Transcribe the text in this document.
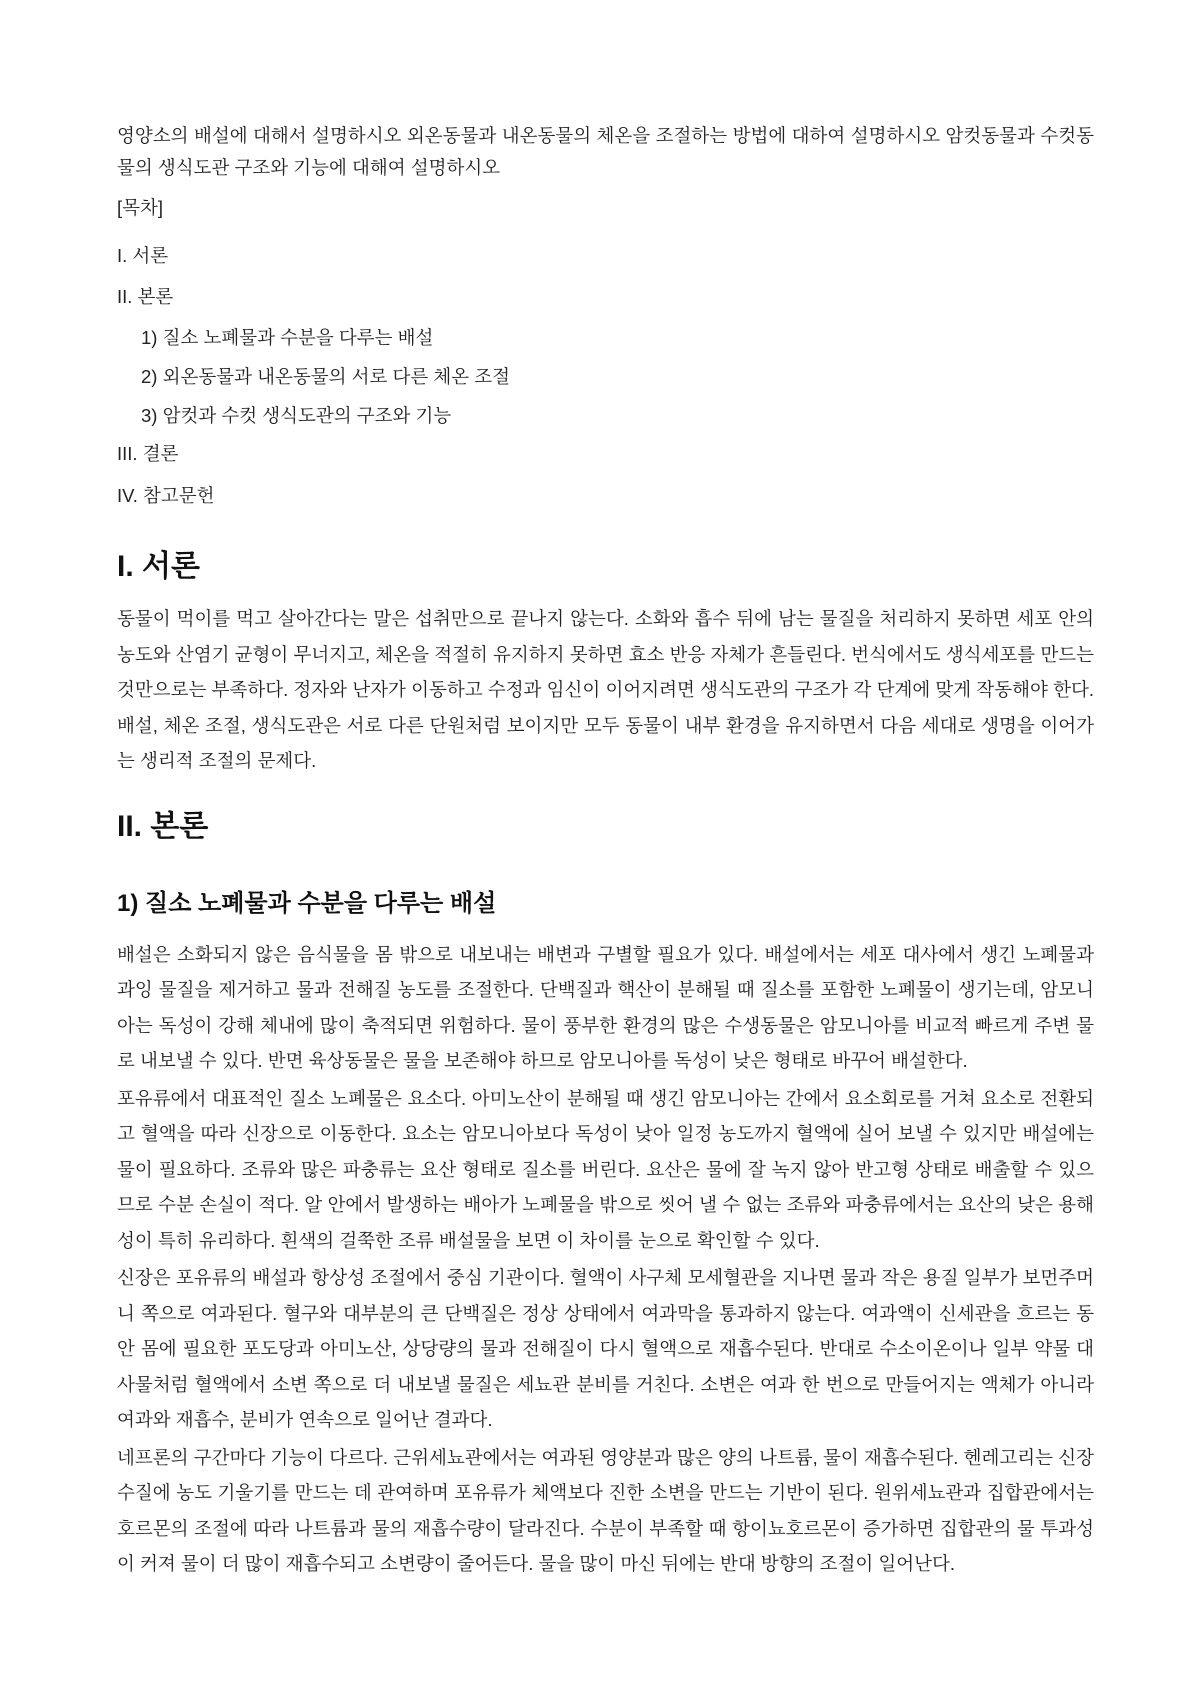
영양소의 배설에 대해서 설명하시오 외온동물과 내온동물의 체온을 조절하는 방법에 대하여 설명하시오 암컷동물과 수컷동물의 생식도관 구조와 기능에 대해여 설명하시오

[목차]
I. 서론
II. 본론
1) 질소 노폐물과 수분을 다루는 배설
2) 외온동물과 내온동물의 서로 다른 체온 조절
3) 암컷과 수컷 생식도관의 구조와 기능
III. 결론
IV. 참고문헌
I. 서론

동물이 먹이를 먹고 살아간다는 말은 섭취만으로 끝나지 않는다. 소화와 흡수 뒤에 남는 물질을 처리하지 못하면 세포 안의 농도와 산염기 균형이 무너지고, 체온을 적절히 유지하지 못하면 효소 반응 자체가 흔들린다. 번식에서도 생식세포를 만드는 것만으로는 부족하다. 정자와 난자가 이동하고 수정과 임신이 이어지려면 생식도관의 구조가 각 단계에 맞게 작동해야 한다. 배설, 체온 조절, 생식도관은 서로 다른 단원처럼 보이지만 모두 동물이 내부 환경을 유지하면서 다음 세대로 생명을 이어가는 생리적 조절의 문제다.

II. 본론
1) 질소 노폐물과 수분을 다루는 배설

배설은 소화되지 않은 음식물을 몸 밖으로 내보내는 배변과 구별할 필요가 있다. 배설에서는 세포 대사에서 생긴 노폐물과 과잉 물질을 제거하고 물과 전해질 농도를 조절한다. 단백질과 핵산이 분해될 때 질소를 포함한 노폐물이 생기는데, 암모니아는 독성이 강해 체내에 많이 축적되면 위험하다. 물이 풍부한 환경의 많은 수생동물은 암모니아를 비교적 빠르게 주변 물로 내보낼 수 있다. 반면 육상동물은 물을 보존해야 하므로 암모니아를 독성이 낮은 형태로 바꾸어 배설한다.

포유류에서 대표적인 질소 노폐물은 요소다. 아미노산이 분해될 때 생긴 암모니아는 간에서 요소회로를 거쳐 요소로 전환되고 혈액을 따라 신장으로 이동한다. 요소는 암모니아보다 독성이 낮아 일정 농도까지 혈액에 실어 보낼 수 있지만 배설에는 물이 필요하다. 조류와 많은 파충류는 요산 형태로 질소를 버린다. 요산은 물에 잘 녹지 않아 반고형 상태로 배출할 수 있으므로 수분 손실이 적다. 알 안에서 발생하는 배아가 노폐물을 밖으로 씻어 낼 수 없는 조류와 파충류에서는 요산의 낮은 용해성이 특히 유리하다. 흰색의 걸쭉한 조류 배설물을 보면 이 차이를 눈으로 확인할 수 있다.

신장은 포유류의 배설과 항상성 조절에서 중심 기관이다. 혈액이 사구체 모세혈관을 지나면 물과 작은 용질 일부가 보먼주머니 쪽으로 여과된다. 혈구와 대부분의 큰 단백질은 정상 상태에서 여과막을 통과하지 않는다. 여과액이 신세관을 흐르는 동안 몸에 필요한 포도당과 아미노산, 상당량의 물과 전해질이 다시 혈액으로 재흡수된다. 반대로 수소이온이나 일부 약물 대사물처럼 혈액에서 소변 쪽으로 더 내보낼 물질은 세뇨관 분비를 거친다. 소변은 여과 한 번으로 만들어지는 액체가 아니라 여과와 재흡수, 분비가 연속으로 일어난 결과다.

네프론의 구간마다 기능이 다르다. 근위세뇨관에서는 여과된 영양분과 많은 양의 나트륨, 물이 재흡수된다. 헨레고리는 신장 수질에 농도 기울기를 만드는 데 관여하며 포유류가 체액보다 진한 소변을 만드는 기반이 된다. 원위세뇨관과 집합관에서는 호르몬의 조절에 따라 나트륨과 물의 재흡수량이 달라진다. 수분이 부족할 때 항이뇨호르몬이 증가하면 집합관의 물 투과성이 커져 물이 더 많이 재흡수되고 소변량이 줄어든다. 물을 많이 마신 뒤에는 반대 방향의 조절이 일어난다.
